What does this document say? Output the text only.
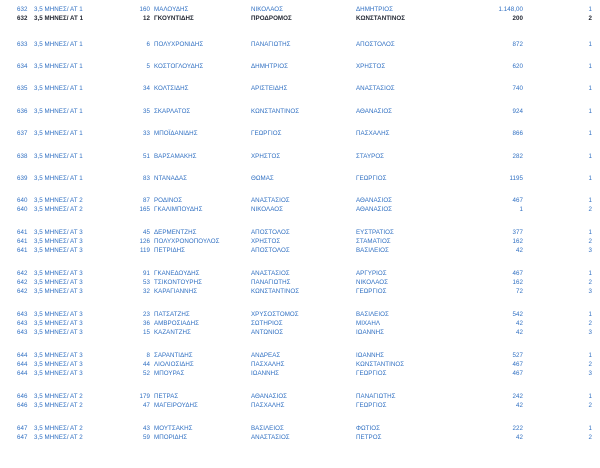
632	3,5 ΜΗΝΕΣ/ ΑΤ 1	160 ΜΑΛΟΥΔΗΣ	ΝΙΚΟΛΑΟΣ	ΔΗΜΗΤΡΙΟΣ	1.148,00	1
632	3,5 ΜΗΝΕΣ/ ΑΤ 1	12 ΓΚΟΥΝΤΙΔΗΣ	ΠΡΟΔΡΟΜΟΣ	ΚΩΝΣΤΑΝΤΙΝΟΣ	200	2
633	3,5 ΜΗΝΕΣ/ ΑΤ 1	6 ΠΟΛΥΧΡΟΝΙΔΗΣ	ΠΑΝΑΓΙΩΤΗΣ	ΑΠΟΣΤΟΛΟΣ	872	1
634	3,5 ΜΗΝΕΣ/ ΑΤ 1	5 ΚΟΣΤΟΓΛΟΥΔΗΣ	ΔΗΜΗΤΡΙΟΣ	ΧΡΗΣΤΟΣ	620	1
635	3,5 ΜΗΝΕΣ/ ΑΤ 1	34 ΚΟΛΤΣΙΔΗΣ	ΑΡΙΣΤΕΙΔΗΣ	ΑΝΑΣΤΑΣΙΟΣ	740	1
636	3,5 ΜΗΝΕΣ/ ΑΤ 1	35 ΣΚΑΡΛΑΤΟΣ	ΚΩΝΣΤΑΝΤΙΝΟΣ	ΑΘΑΝΑΣΙΟΣ	924	1
637	3,5 ΜΗΝΕΣ/ ΑΤ 1	33 ΜΠΟΪΔΑΝΙΔΗΣ	ΓΕΩΡΓΙΟΣ	ΠΑΣΧΑΛΗΣ	866	1
638	3,5 ΜΗΝΕΣ/ ΑΤ 1	51 ΒΑΡΣΑΜΑΚΗΣ	ΧΡΗΣΤΟΣ	ΣΤΑΥΡΟΣ	282	1
639	3,5 ΜΗΝΕΣ/ ΑΤ 1	83 ΝΤΑΝΑΔΑΣ	ΘΩΜΑΣ	ΓΕΩΡΓΙΟΣ	1195	1
640	3,5 ΜΗΝΕΣ/ ΑΤ 2	87 ΡΟΔΙΝΟΣ	ΑΝΑΣΤΑΣΙΟΣ	ΑΘΑΝΑΣΙΟΣ	467	1
640	3,5 ΜΗΝΕΣ/ ΑΤ 2	165 ΓΚΑΛΙΜΠΟΥΔΗΣ	ΝΙΚΟΛΑΟΣ	ΑΘΑΝΑΣΙΟΣ	1	2
641	3,5 ΜΗΝΕΣ/ ΑΤ 3	45 ΔΕΡΜΕΝΤΖΗΣ	ΑΠΟΣΤΟΛΟΣ	ΕΥΣΤΡΑΤΙΟΣ	377	1
641	3,5 ΜΗΝΕΣ/ ΑΤ 3	126 ΠΟΛΥΧΡΟΝΟΠΟΥΛΟΣ	ΧΡΗΣΤΟΣ	ΣΤΑΜΑΤΙΟΣ	162	2
641	3,5 ΜΗΝΕΣ/ ΑΤ 3	119 ΠΕΤΡΙΔΗΣ	ΑΠΟΣΤΟΛΟΣ	ΒΑΣΙΛΕΙΟΣ	42	3
642	3,5 ΜΗΝΕΣ/ ΑΤ 3	91 ΓΚΑΝΕΔΟΥΔΗΣ	ΑΝΑΣΤΑΣΙΟΣ	ΑΡΓΥΡΙΟΣ	467	1
642	3,5 ΜΗΝΕΣ/ ΑΤ 3	53 ΤΣΙΚΟΝΤΟΥΡΗΣ	ΠΑΝΑΓΙΩΤΗΣ	ΝΙΚΟΛΑΟΣ	162	2
642	3,5 ΜΗΝΕΣ/ ΑΤ 3	32 ΚΑΡΑΓΙΑΝΝΗΣ	ΚΩΝΣΤΑΝΤΙΝΟΣ	ΓΕΩΡΓΙΟΣ	72	3
643	3,5 ΜΗΝΕΣ/ ΑΤ 3	23 ΠΑΤΣΑΤΖΗΣ	ΧΡΥΣΟΣΤΟΜΟΣ	ΒΑΣΙΛΕΙΟΣ	542	1
643	3,5 ΜΗΝΕΣ/ ΑΤ 3	36 ΑΜΒΡΟΣΙΑΔΗΣ	ΣΩΤΗΡΙΟΣ	ΜΙΧΑΗΛ	42	2
643	3,5 ΜΗΝΕΣ/ ΑΤ 3	15 ΚΑΖΑΝΤΖΗΣ	ΑΝΤΩΝΙΟΣ	ΙΩΑΝΝΗΣ	42	3
644	3,5 ΜΗΝΕΣ/ ΑΤ 3	8 ΣΑΡΑΝΤΙΔΗΣ	ΑΝΔΡΕΑΣ	ΙΩΑΝΝΗΣ	527	1
644	3,5 ΜΗΝΕΣ/ ΑΤ 3	44 ΛΙΟΛΙΟΣΙΔΗΣ	ΠΑΣΧΑΛΗΣ	ΚΩΝΣΤΑΝΤΙΝΟΣ	467	2
644	3,5 ΜΗΝΕΣ/ ΑΤ 3	52 ΜΠΟΥΡΑΣ	ΙΩΑΝΝΗΣ	ΓΕΩΡΓΙΟΣ	467	3
646	3,5 ΜΗΝΕΣ/ ΑΤ 2	179 ΠΕΤΡΑΣ	ΑΘΑΝΑΣΙΟΣ	ΠΑΝΑΓΙΩΤΗΣ	242	1
646	3,5 ΜΗΝΕΣ/ ΑΤ 2	47 ΜΑΓΕΙΡΟΥΔΗΣ	ΠΑΣΧΑΛΗΣ	ΓΕΩΡΓΙΟΣ	42	2
647	3,5 ΜΗΝΕΣ/ ΑΤ 2	43 ΜΟΥΤΣΑΚΗΣ	ΒΑΣΙΛΕΙΟΣ	ΦΩΤΙΟΣ	222	1
647	3,5 ΜΗΝΕΣ/ ΑΤ 2	59 ΜΠΟΡΙΔΗΣ	ΑΝΑΣΤΑΣΙΟΣ	ΠΕΤΡΟΣ	42	2
